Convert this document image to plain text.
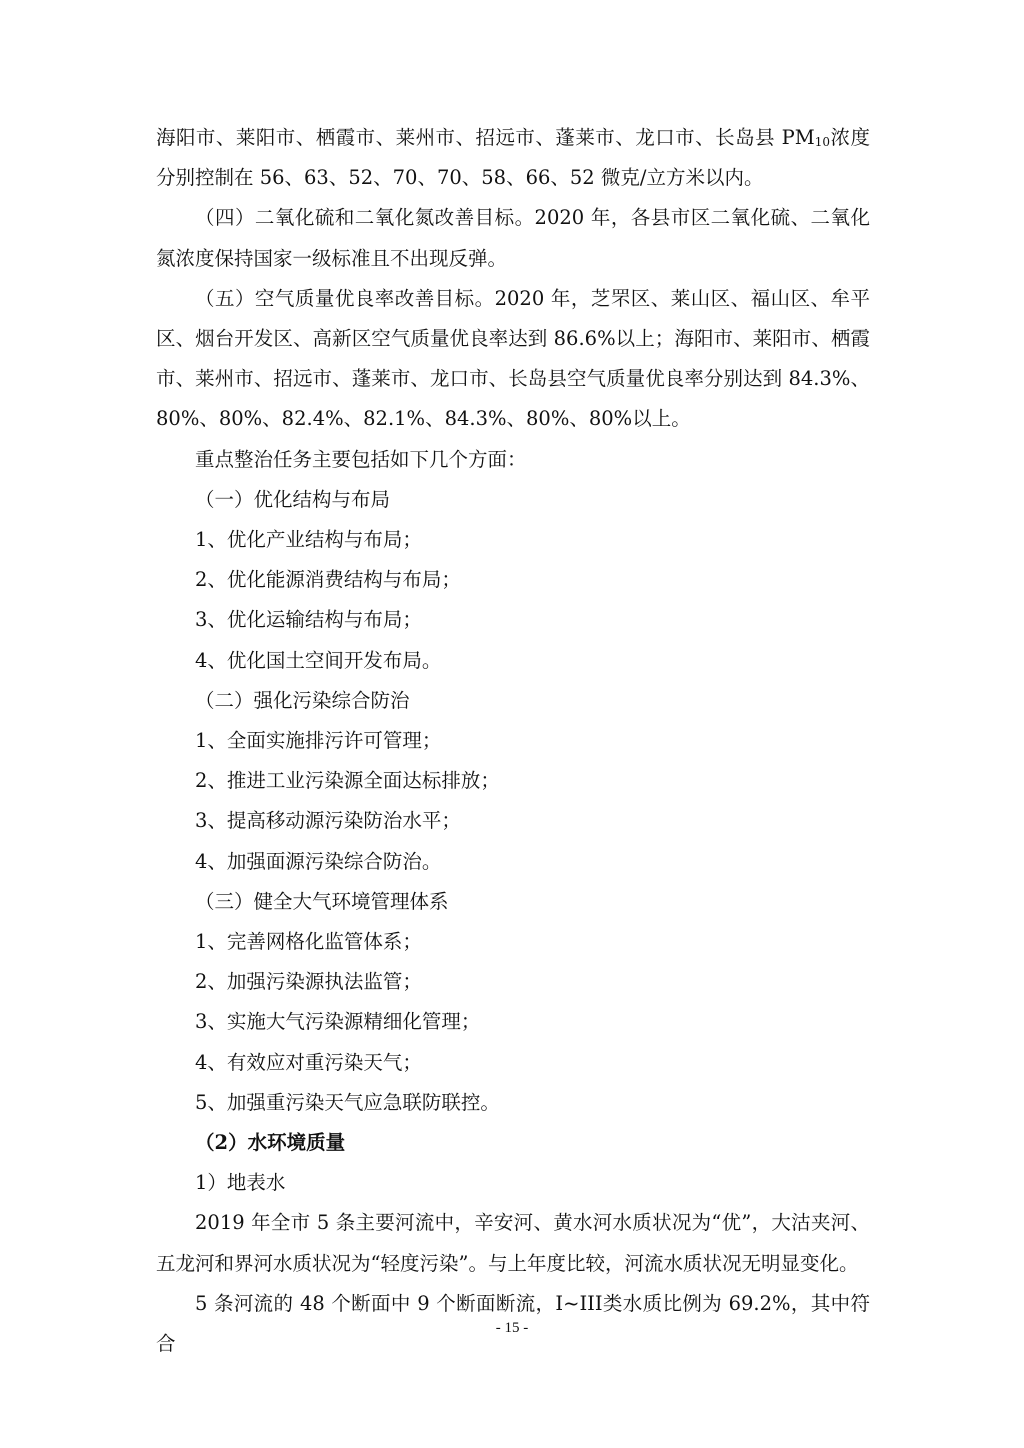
海阳市、莱阳市、栖霞市、莱州市、招远市、蓬莱市、龙口市、长岛县 $PM_{10}$浓度分别控制在 56、63、52、70、70、58、66、52 微克/立方米以内。

（四）二氧化硫和二氧化氮改善目标。2020 年，各县市区二氧化硫、二氧化氮浓度保持国家一级标准且不出现反弹。

（五）空气质量优良率改善目标。2020 年，芝罘区、莱山区、福山区、牟平区、烟台开发区、高新区空气质量优良率达到 86.6%以上；海阳市、莱阳市、栖霞市、莱州市、招远市、蓬莱市、龙口市、长岛县空气质量优良率分别达到 84.3%、80%、80%、82.4%、82.1%、84.3%、80%、80%以上。

重点整治任务主要包括如下几个方面：

（一）优化结构与布局

1、优化产业结构与布局；

2、优化能源消费结构与布局；

3、优化运输结构与布局；

4、优化国土空间开发布局。

（二）强化污染综合防治

1、全面实施排污许可管理；

2、推进工业污染源全面达标排放；

3、提高移动源污染防治水平；

4、加强面源污染综合防治。

（三）健全大气环境管理体系

1、完善网格化监管体系；

2、加强污染源执法监管；

3、实施大气污染源精细化管理；

4、有效应对重污染天气；

5、加强重污染天气应急联防联控。

（2）水环境质量

1）地表水

2019 年全市 5 条主要河流中，辛安河、黄水河水质状况为“优”，大沽夹河、五龙河和界河水质状况为“轻度污染”。与上年度比较，河流水质状况无明显变化。

5 条河流的 48 个断面中 9 个断面断流，I~III类水质比例为 69.2%，其中符合

- 15 -
